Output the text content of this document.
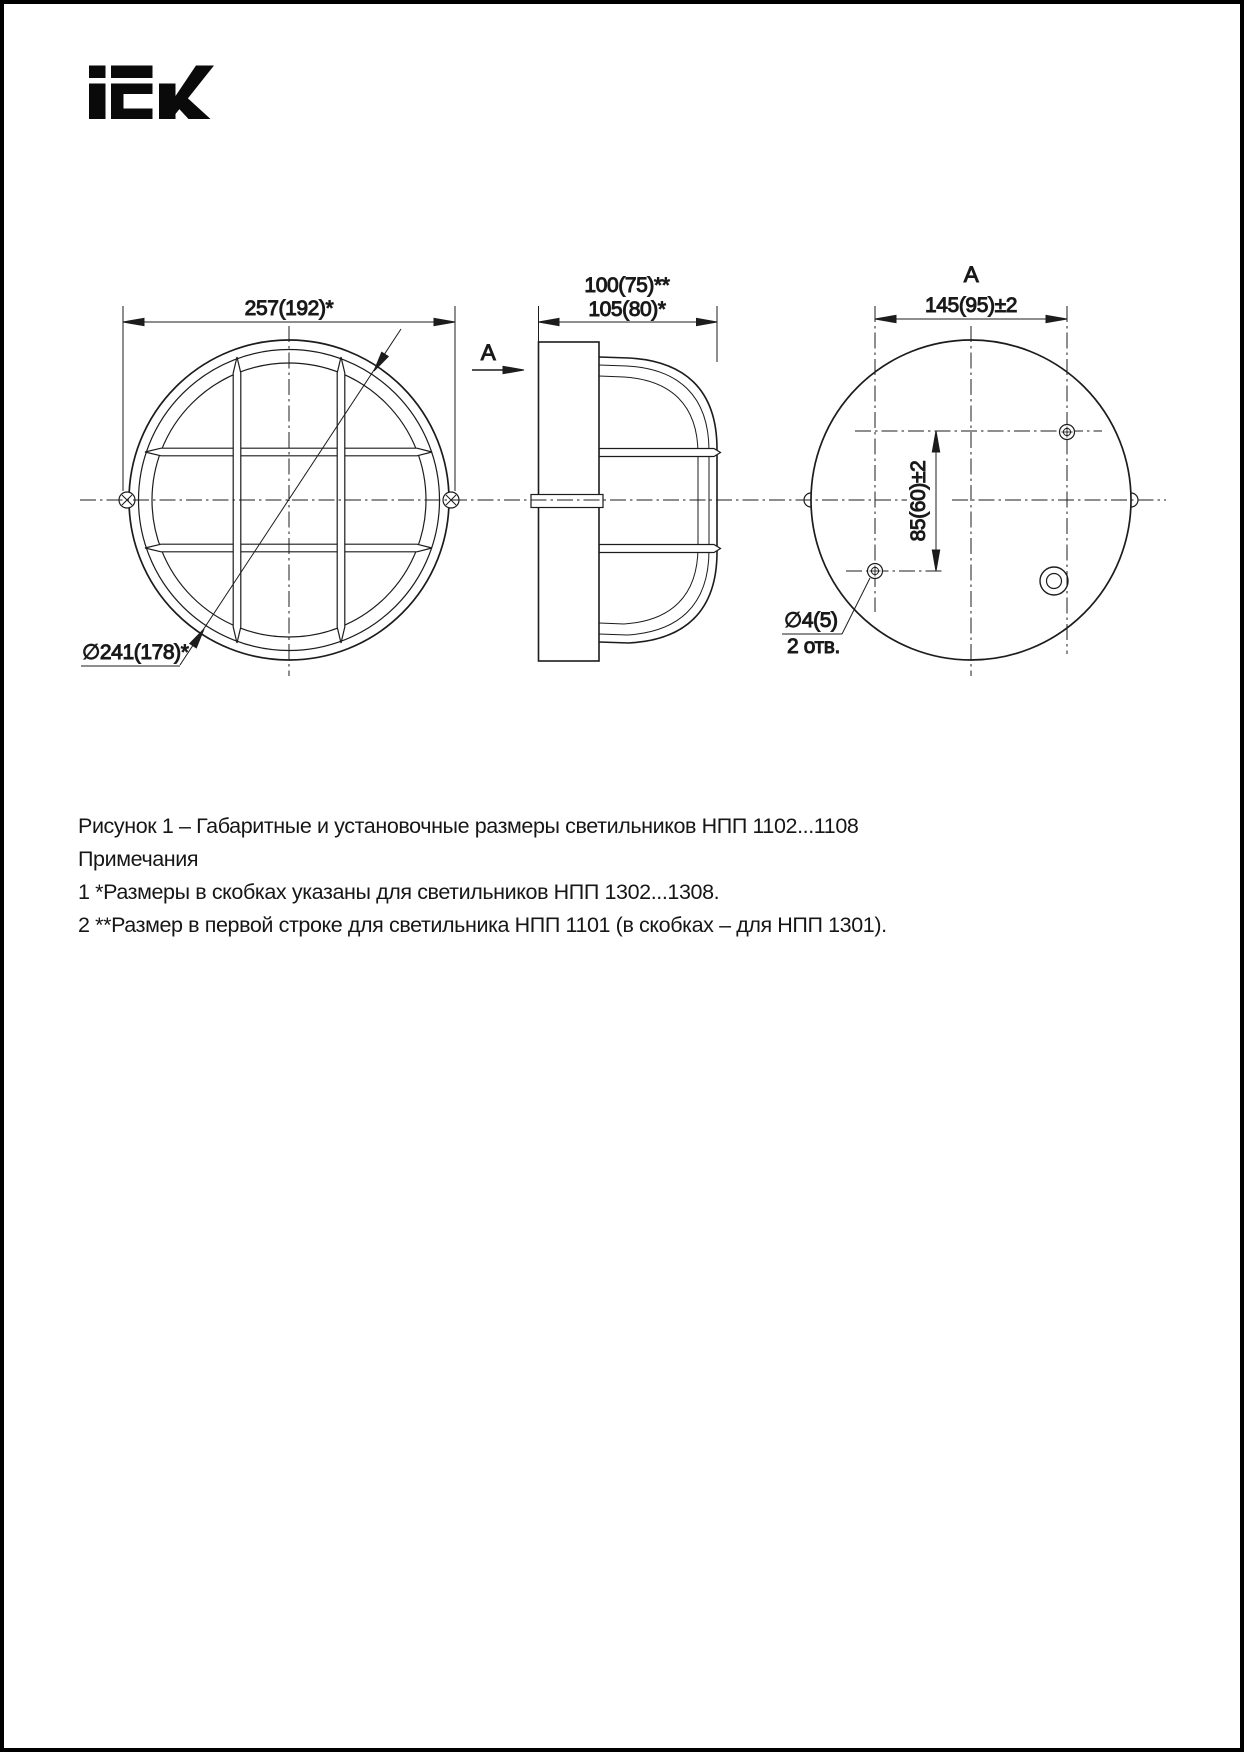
257(192)*
∅241(178)*
100(75)**
105(80)*
А
А
145(95)±2
85(60)±2
∅4(5)
2 отв.
Рисунок 1 – Габаритные и установочные размеры светильников НПП 1102...1108
Примечания
1 *Размеры в скобках указаны для светильников НПП 1302...1308.
2 **Размер в первой строке для светильника НПП 1101 (в скобках – для НПП 1301).
